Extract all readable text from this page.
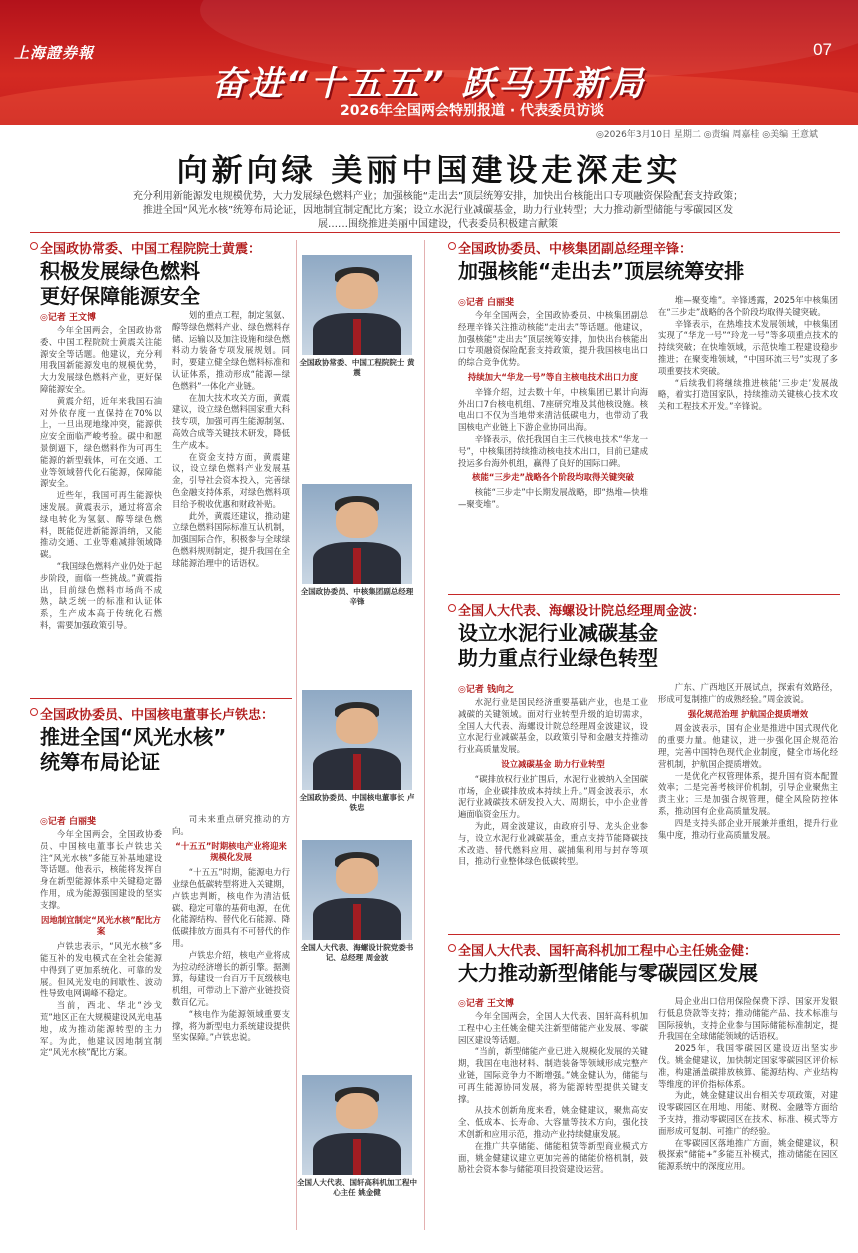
上海證券報	07
奋进“十五五” 跃马开新局
2026年全国两会特别报道 · 代表委员访谈
◎2026年3月10日 星期二 ◎责编 周嘉桂 ◎美编 王意斌
向新向绿 美丽中国建设走深走实
充分利用新能源发电规模优势，大力发展绿色燃料产业；加强核能“走出去”顶层统筹安排，加快出台核能出口专项融资保险配套支持政策；推进全国“风光水核”统筹布局论证，因地制宜制定配比方案；设立水泥行业减碳基金，助力行业转型；大力推动新型储能与零碳园区发展……围绕推进美丽中国建设，代表委员积极建言献策
全国政协常委、中国工程院院士黄震：
积极发展绿色燃料
更好保障能源安全
◎记者 王文博

今年全国两会，全国政协常委、中国工程院院士黄震关注能源安全等话题。他建议，充分利用我国新能源发电的规模优势，大力发展绿色燃料产业，更好保障能源安全。

黄震介绍，近年来我国石油对外依存度一直保持在70%以上，一旦出现地缘冲突，能源供应安全面临严峻考验。碳中和愿景倒逼下，绿色燃料作为可再生能源的新型载体，可在交通、工业等领域替代化石能源，保障能源安全。

近些年，我国可再生能源快速发展。黄震表示，通过将富余绿电转化为氢氨、醇等绿色燃料，既能促进新能源消纳，又能推动交通、工业等难减排领域降碳。

“我国绿色燃料产业仍处于起步阶段，面临一些挑战。”黄震指出，目前绿色燃料市场尚不成熟，缺乏统一的标准和认证体系，生产成本高于传统化石燃料，需要加强政策引导。

划的重点工程，制定氢氨、醇等绿色燃料产业、绿色燃料存储、运输以及加注设施和绿色燃料动力装备专项发展规划。同时，要建立健全绿色燃料标准和认证体系，推动形成“能源—绿色燃料”一体化产业链。

在加大技术攻关方面，黄震建议，设立绿色燃料国家重大科技专项，加强可再生能源制氢、高效合成等关键技术研发，降低生产成本。

在资金支持方面，黄震建议，设立绿色燃料产业发展基金，引导社会资本投入，完善绿色金融支持体系，对绿色燃料项目给予税收优惠和财政补贴。

此外，黄震还建议，推动建立绿色燃料国际标准互认机制，加强国际合作，积极参与全球绿色燃料规则制定，提升我国在全球能源治理中的话语权。

全国政协常委、中国工程院院士 黄震
全国政协委员、中核集团副总经理 辛锋
全国政协委员、中国核电董事长 卢铁忠
全国人大代表、海螺设计院党委书记、总经理 周金波
全国人大代表、国轩高科机加工程中心主任 姚金健
全国政协委员、中核集团副总经理辛锋：
加强核能“走出去”顶层统筹安排
◎记者 白丽斐

今年全国两会，全国政协委员、中核集团副总经理辛锋关注推动核能“走出去”等话题。他建议，加强核能“走出去”顶层统筹安排，加快出台核能出口专项融资保险配套支持政策，提升我国核电出口的综合竞争优势。

持续加大“华龙一号”等自主核电技术出口力度

辛锋介绍，过去数十年，中核集团已累计向海外出口7台核电机组、7座研究堆及其他核设施。核电出口不仅为当地带来清洁低碳电力，也带动了我国核电产业链上下游企业协同出海。

辛锋表示，依托我国自主三代核电技术“华龙一号”，中核集团持续推动核电技术出口，目前已建成投运多台海外机组，赢得了良好的国际口碑。

核能“三步走”战略各个阶段均取得关键突破

核能“三步走”中长期发展战略，即“热堆—快堆—聚变堆”。

堆—聚变堆”。辛锋透露，2025年中核集团在“三步走”战略的各个阶段均取得关键突破。

辛锋表示，在热堆技术发展领域，中核集团实现了“华龙一号”“玲龙一号”等多项重点技术的持续突破；在快堆领域，示范快堆工程建设稳步推进；在聚变堆领域，“中国环流三号”实现了多项重要技术突破。

“后续我们将继续推进核能‘三步走’发展战略，着实打造国家队，持续推动关键核心技术攻关和工程技术开发。”辛锋说。

全国人大代表、海螺设计院总经理周金波：
设立水泥行业减碳基金
助力重点行业绿色转型
◎记者 钱向之

水泥行业是国民经济重要基础产业，也是工业减碳的关键领域。面对行业转型升级的迫切需求，全国人大代表、海螺设计院总经理周金波建议，设立水泥行业减碳基金，以政策引导和金融支持推动行业高质量发展。

设立减碳基金 助力行业转型

“碳排放权行业扩围后，水泥行业被纳入全国碳市场，企业碳排放成本持续上升。”周金波表示，水泥行业减碳技术研发投入大、周期长，中小企业普遍面临资金压力。

为此，周金波建议，由政府引导、龙头企业参与，设立水泥行业减碳基金，重点支持节能降碳技术改造、替代燃料应用、碳捕集利用与封存等项目，推动行业整体绿色低碳转型。

广东、广西地区开展试点，探索有效路径，形成可复制推广的成熟经验。”周金波说。

强化规范治理 护航国企提质增效

周金波表示，国有企业是推进中国式现代化的重要力量。他建议，进一步强化国企规范治理，完善中国特色现代企业制度，健全市场化经营机制，护航国企提质增效。

一是优化产权管理体系，提升国有资本配置效率；二是完善考核评价机制，引导企业聚焦主责主业；三是加强合规管理，健全风险防控体系，推动国有企业高质量发展。

四是支持头部企业开展兼并重组，提升行业集中度，推动行业高质量发展。

全国政协委员、中国核电董事长卢铁忠：
推进全国“风光水核”
统筹布局论证
◎记者 白丽斐

今年全国两会，全国政协委员、中国核电董事长卢铁忠关注“风光水核”多能互补基地建设等话题。他表示，核能将发挥自身在新型能源体系中关键稳定器作用，成为能源强国建设的坚实支撑。

因地制宜制定“风光水核”配比方案

卢铁忠表示，“风光水核”多能互补的发电模式在全社会能源中得到了更加系统化、可靠的发展。但风光发电的间歇性、波动性导致电网调峰不稳定。

当前，西北、华北“沙戈荒”地区正在大规模建设风光电基地，成为推动能源转型的主力军。为此，他建议因地制宜制定“风光水核”配比方案。

司未来重点研究推动的方向。

“十五五”时期核电产业将迎来规模化发展

“十五五”时期，能源电力行业绿色低碳转型将进入关键期，卢铁忠判断，核电作为清洁低碳、稳定可靠的基荷电源，在优化能源结构、替代化石能源、降低碳排放方面具有不可替代的作用。

卢铁忠介绍，核电产业将成为拉动经济增长的新引擎。据测算，每建设一台百万千瓦级核电机组，可带动上下游产业链投资数百亿元。

“核电作为能源领域重要支撑，将为新型电力系统建设提供坚实保障。”卢铁忠说。

全国人大代表、国轩高科机加工程中心主任姚金健：
大力推动新型储能与零碳园区发展
◎记者 王文博

今年全国两会，全国人大代表、国轩高科机加工程中心主任姚金健关注新型储能产业发展、零碳园区建设等话题。

“当前，新型储能产业已进入规模化发展的关键期，我国在电池材料、制造装备等领域形成完整产业链，国际竞争力不断增强。”姚金健认为，储能与可再生能源协同发展，将为能源转型提供关键支撑。

从技术创新角度来看，姚金健建议，聚焦高安全、低成本、长寿命、大容量等技术方向，强化技术创新和应用示范，推动产业持续健康发展。

在推广共享储能、储能租赁等新型商业模式方面，姚金健建议建立更加完善的储能价格机制，鼓励社会资本参与储能项目投资建设运营。

局企业出口信用保险保费下浮、国家开发银行低息贷款等支持；推动储能产品、技术标准与国际接轨，支持企业参与国际储能标准制定，提升我国在全球储能领域的话语权。

2025年，我国零碳园区建设迈出坚实步伐。姚金健建议，加快制定国家零碳园区评价标准，构建涵盖碳排放核算、能源结构、产业结构等维度的评价指标体系。

为此，姚金健建议出台相关专项政策，对建设零碳园区在用地、用能、财税、金融等方面给予支持，推动零碳园区在技术、标准、模式等方面形成可复制、可推广的经验。

在零碳园区落地推广方面，姚金健建议，积极探索“储能+”多能互补模式，推动储能在园区能源系统中的深度应用。
